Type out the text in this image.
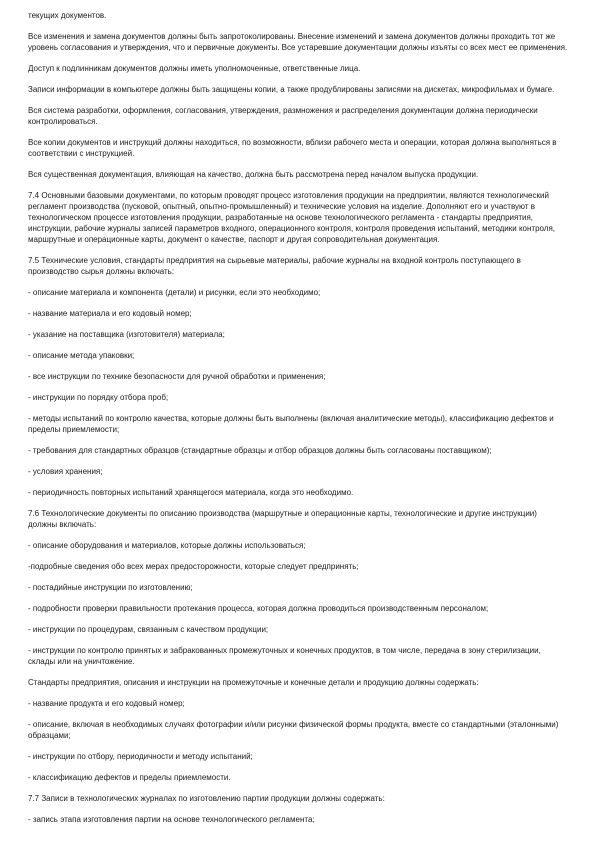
текущих документов.

Все изменения и замена документов должны быть запротоколированы. Внесение изменений и замена документов должны проходить тот же уровень согласования и утверждения, что и первичные документы. Все устаревшие документации должны изъяты со всех мест ее применения.

Доступ к подлинникам документов должны иметь уполномоченные, ответственные лица.

Записи информации в компьютере должны быть защищены копии, а также продублированы записями на дискетах, микрофильмах и бумаге.

Вся система разработки, оформления, согласования, утверждения, размножения и распределения документации должна периодически контролироваться.

Все копии документов и инструкций должны находиться, по возможности, вблизи рабочего места и операции, которая должна выполняться в соответствии с инструкцией.

Вся существенная документация, влияющая на качество, должна быть рассмотрена перед началом выпуска продукции.

7.4 Основными базовыми документами, по которым проводят процесс изготовления продукции на предприятии, являются технологический регламент производства (пусковой, опытный, опытно-промышленный) и технические условия на изделие. Дополняют его и участвуют в технологическом процессе изготовления продукции, разработанные на основе технологического регламента - стандарты предприятия, инструкции, рабочие журналы записей параметров входного, операционного контроля, контроля проведения испытаний, методики контроля, маршрутные и операционные карты, документ о качестве, паспорт и другая сопроводительная документация.

7.5 Технические условия, стандарты предприятия на сырьевые материалы, рабочие журналы на входной контроль поступающего в производство сырья должны включать:

- описание материала и компонента (детали) и рисунки, если это необходимо;

- название материала и его кодовый номер;

- указание на поставщика (изготовителя) материала;

- описание метода упаковки;

- все инструкции по технике безопасности для ручной обработки и применения;

- инструкции по порядку отбора проб;

- методы испытаний по контролю качества, которые должны быть выполнены (включая аналитические методы), классификацию дефектов и пределы приемлемости;

- требования для стандартных образцов (стандартные образцы и отбор образцов должны быть согласованы поставщиком);

- условия хранения;

- периодичность повторных испытаний хранящегося материала, когда это необходимо.

7.6 Технологические документы по описанию производства (маршрутные и операционные карты, технологические и другие инструкции) должны включать:

- описание оборудования и материалов, которые должны использоваться;

-подробные сведения обо всех мерах предосторожности, которые следует предпринять;

- постадийные инструкции по изготовлению;

- подробности проверки правильности протекания процесса, которая должна проводиться производственным персоналом;

- инструкции по процедурам, связанным с качеством продукции;

- инструкции по контролю принятых и забракованных промежуточных и конечных продуктов, в том числе, передача в зону стерилизации, склады или на уничтожение.

Стандарты предприятия, описания и инструкции на промежуточные и конечные детали и продукцию должны содержать:

- название продукта и его кодовый номер;

- описание, включая в необходимых случаях фотографии и/или рисунки физической формы продукта, вместе со стандартными (эталонными) образцами;

- инструкции по отбору, периодичности и методу испытаний;

- классификацию дефектов и пределы приемлемости.

7.7 Записи в технологических журналах по изготовлению партии продукции должны содержать:

- запись этапа изготовления партии на основе технологического регламента;
